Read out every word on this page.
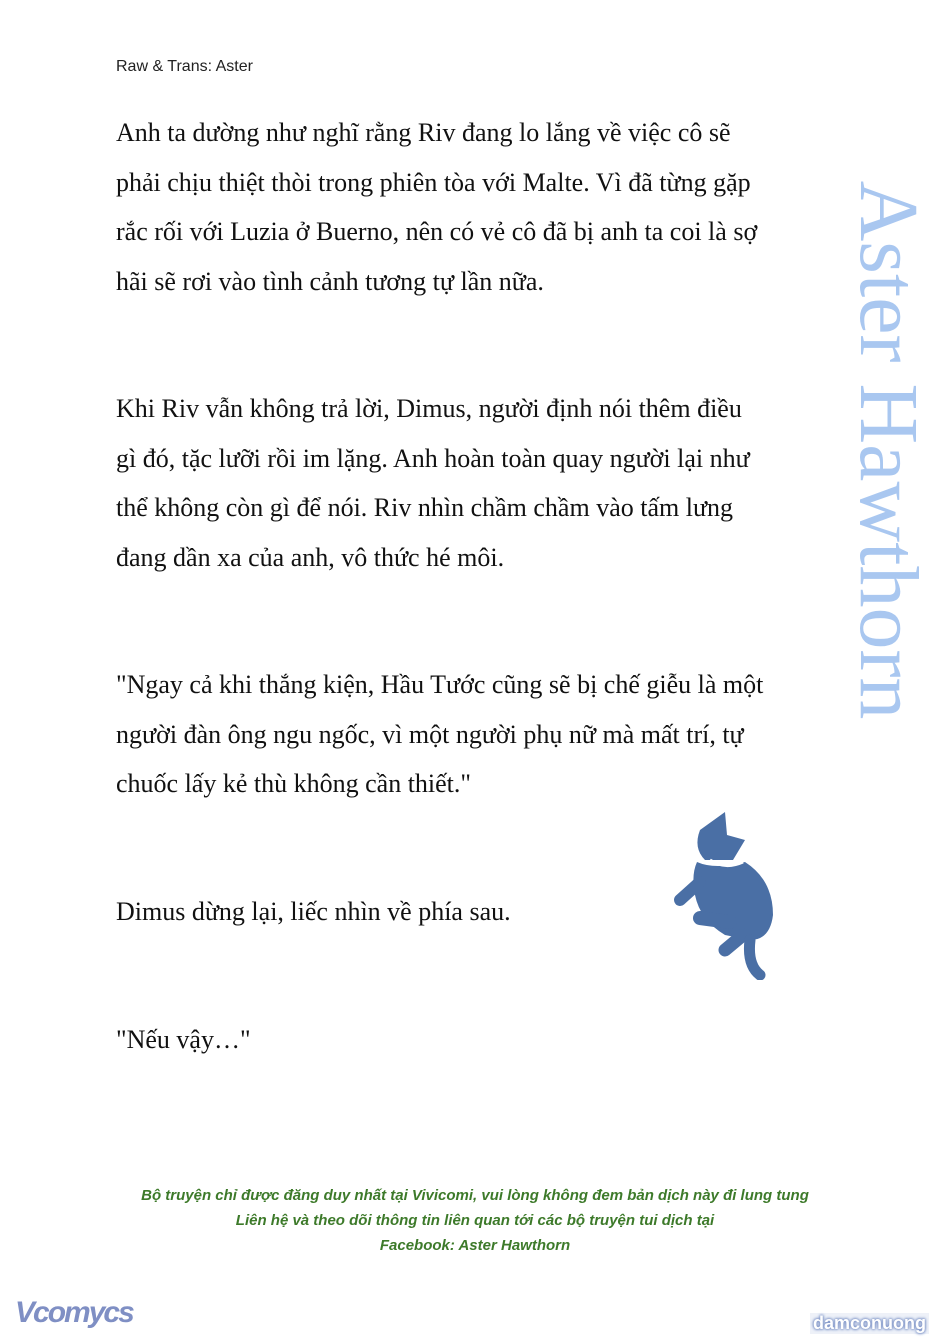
Raw & Trans: Aster
Anh ta dường như nghĩ rằng Riv đang lo lắng về việc cô sẽ
phải chịu thiệt thòi trong phiên tòa với Malte. Vì đã từng gặp
rắc rối với Luzia ở Buerno, nên có vẻ cô đã bị anh ta coi là sợ
hãi sẽ rơi vào tình cảnh tương tự lần nữa.
Khi Riv vẫn không trả lời, Dimus, người định nói thêm điều
gì đó, tặc lưỡi rồi im lặng. Anh hoàn toàn quay người lại như
thể không còn gì để nói. Riv nhìn chầm chầm vào tấm lưng
đang dần xa của anh, vô thức hé môi.
"Ngay cả khi thắng kiện, Hầu Tước cũng sẽ bị chế giễu là một
người đàn ông ngu ngốc, vì một người phụ nữ mà mất trí, tự
chuốc lấy kẻ thù không cần thiết."
Dimus dừng lại, liếc nhìn về phía sau.
"Nếu vậy…"
Aster Hawthorn
Bộ truyện chỉ được đăng duy nhất tại Vivicomi, vui lòng không đem bản dịch này đi lung tung
Liên hệ và theo dõi thông tin liên quan tới các bộ truyện tui dịch tại
Facebook: Aster Hawthorn
Vcomycs	damconuong
